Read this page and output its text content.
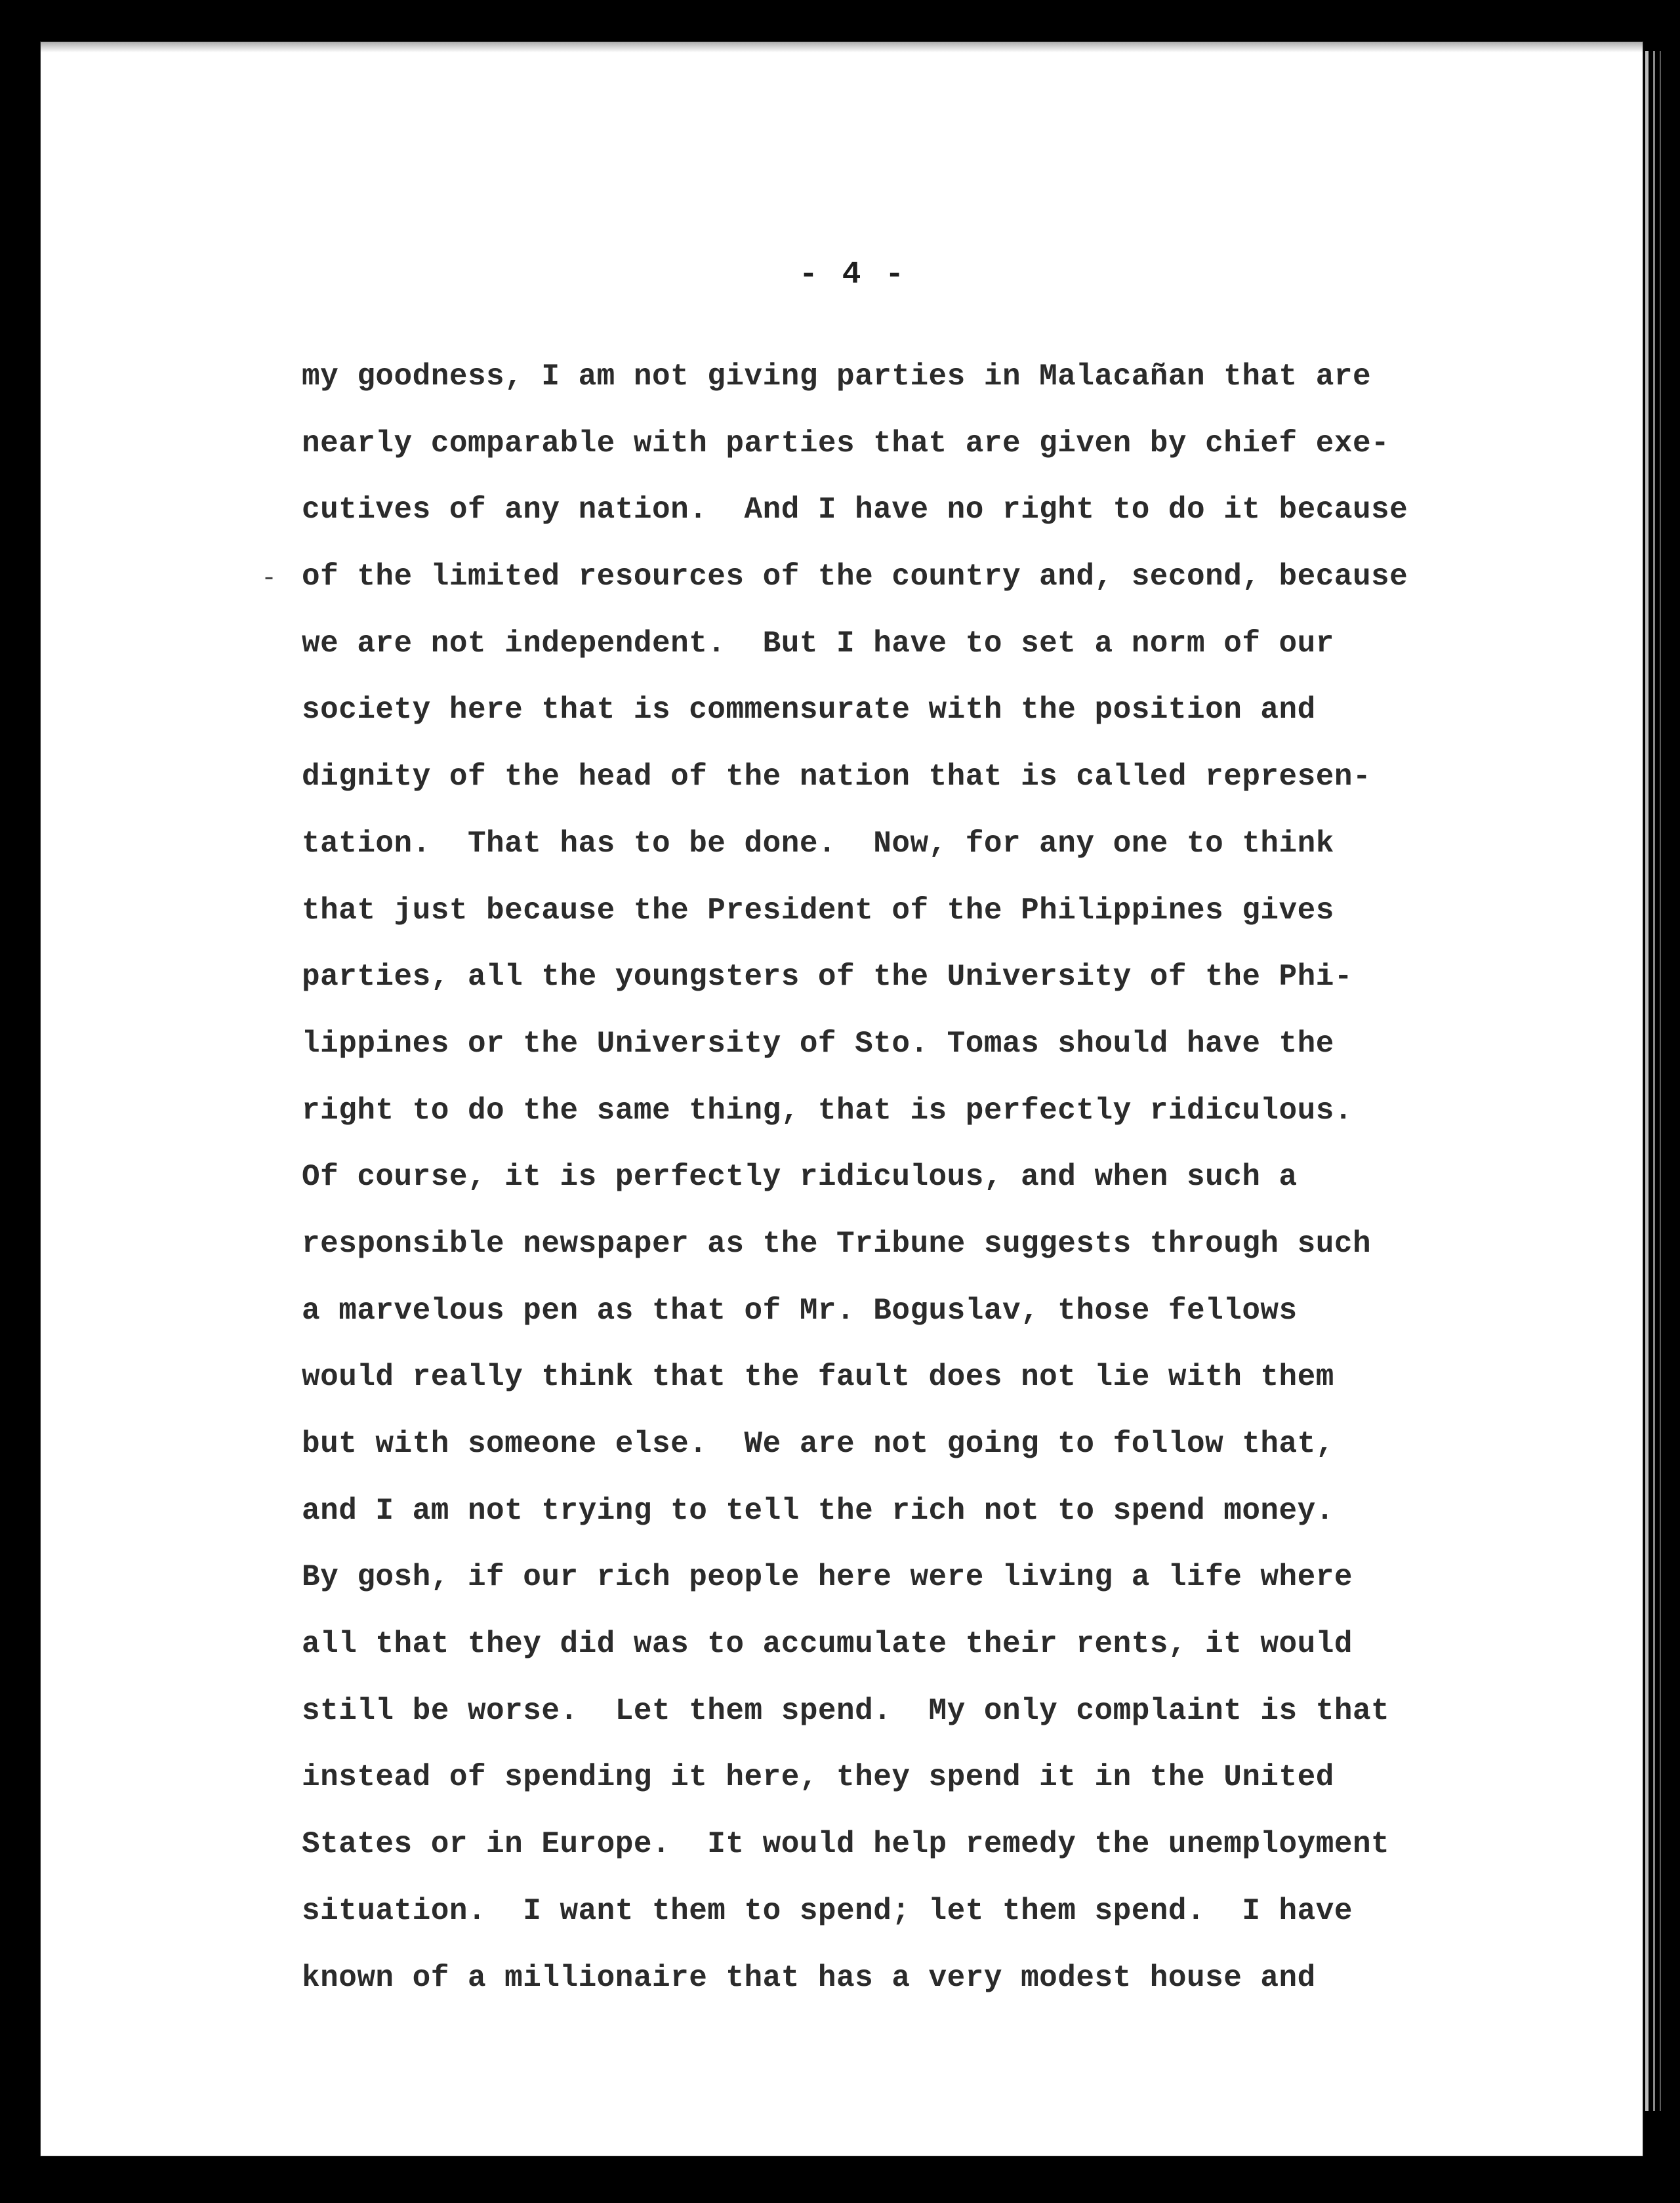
- 4 -
-
my goodness, I am not giving parties in Malacañan that are
nearly comparable with parties that are given by chief exe-
cutives of any nation.  And I have no right to do it because
of the limited resources of the country and, second, because
we are not independent.  But I have to set a norm of our
society here that is commensurate with the position and
dignity of the head of the nation that is called represen-
tation.  That has to be done.  Now, for any one to think
that just because the President of the Philippines gives
parties, all the youngsters of the University of the Phi-
lippines or the University of Sto. Tomas should have the
right to do the same thing, that is perfectly ridiculous.
Of course, it is perfectly ridiculous, and when such a
responsible newspaper as the Tribune suggests through such
a marvelous pen as that of Mr. Boguslav, those fellows
would really think that the fault does not lie with them
but with someone else.  We are not going to follow that,
and I am not trying to tell the rich not to spend money.
By gosh, if our rich people here were living a life where
all that they did was to accumulate their rents, it would
still be worse.  Let them spend.  My only complaint is that
instead of spending it here, they spend it in the United
States or in Europe.  It would help remedy the unemployment
situation.  I want them to spend; let them spend.  I have
known of a millionaire that has a very modest house and
